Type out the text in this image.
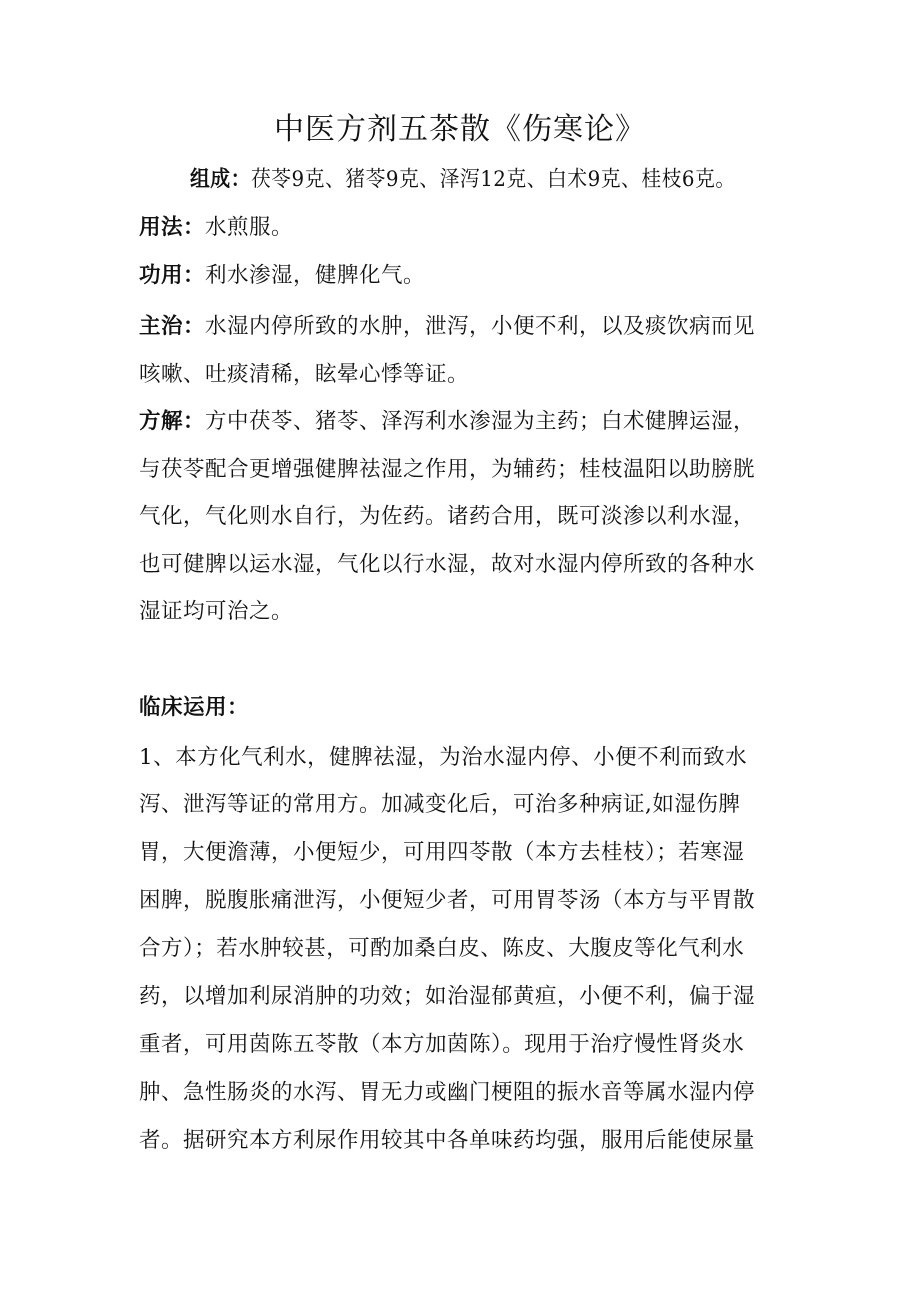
中医方剂五茶散《伤寒论》
组成：茯苓9克、猪苓9克、泽泻12克、白术9克、桂枝6克。
用法：水煎服。
功用：利水渗湿，健脾化气。
主治：水湿内停所致的水肿，泄泻，小便不利，以及痰饮病而见
咳嗽、吐痰清稀，眩晕心悸等证。
方解：方中茯苓、猪苓、泽泻利水渗湿为主药；白术健脾运湿，
与茯苓配合更增强健脾祛湿之作用，为辅药；桂枝温阳以助膀胱
气化，气化则水自行，为佐药。诸药合用，既可淡渗以利水湿，
也可健脾以运水湿，气化以行水湿，故对水湿内停所致的各种水
湿证均可治之。
临床运用：
1、本方化气利水，健脾祛湿，为治水湿内停、小便不利而致水
泻、泄泻等证的常用方。加减变化后，可治多种病证,如湿伤脾
胃，大便澹薄，小便短少，可用四苓散（本方去桂枝）；若寒湿
困脾，脱腹胀痛泄泻，小便短少者，可用胃苓汤（本方与平胃散
合方）；若水肿较甚，可酌加桑白皮、陈皮、大腹皮等化气利水
药，以增加利尿消肿的功效；如治湿郁黄疸，小便不利，偏于湿
重者，可用茵陈五苓散（本方加茵陈）。现用于治疗慢性肾炎水
肿、急性肠炎的水泻、胃无力或幽门梗阻的振水音等属水湿内停
者。据研究本方利尿作用较其中各单味药均强，服用后能使尿量
